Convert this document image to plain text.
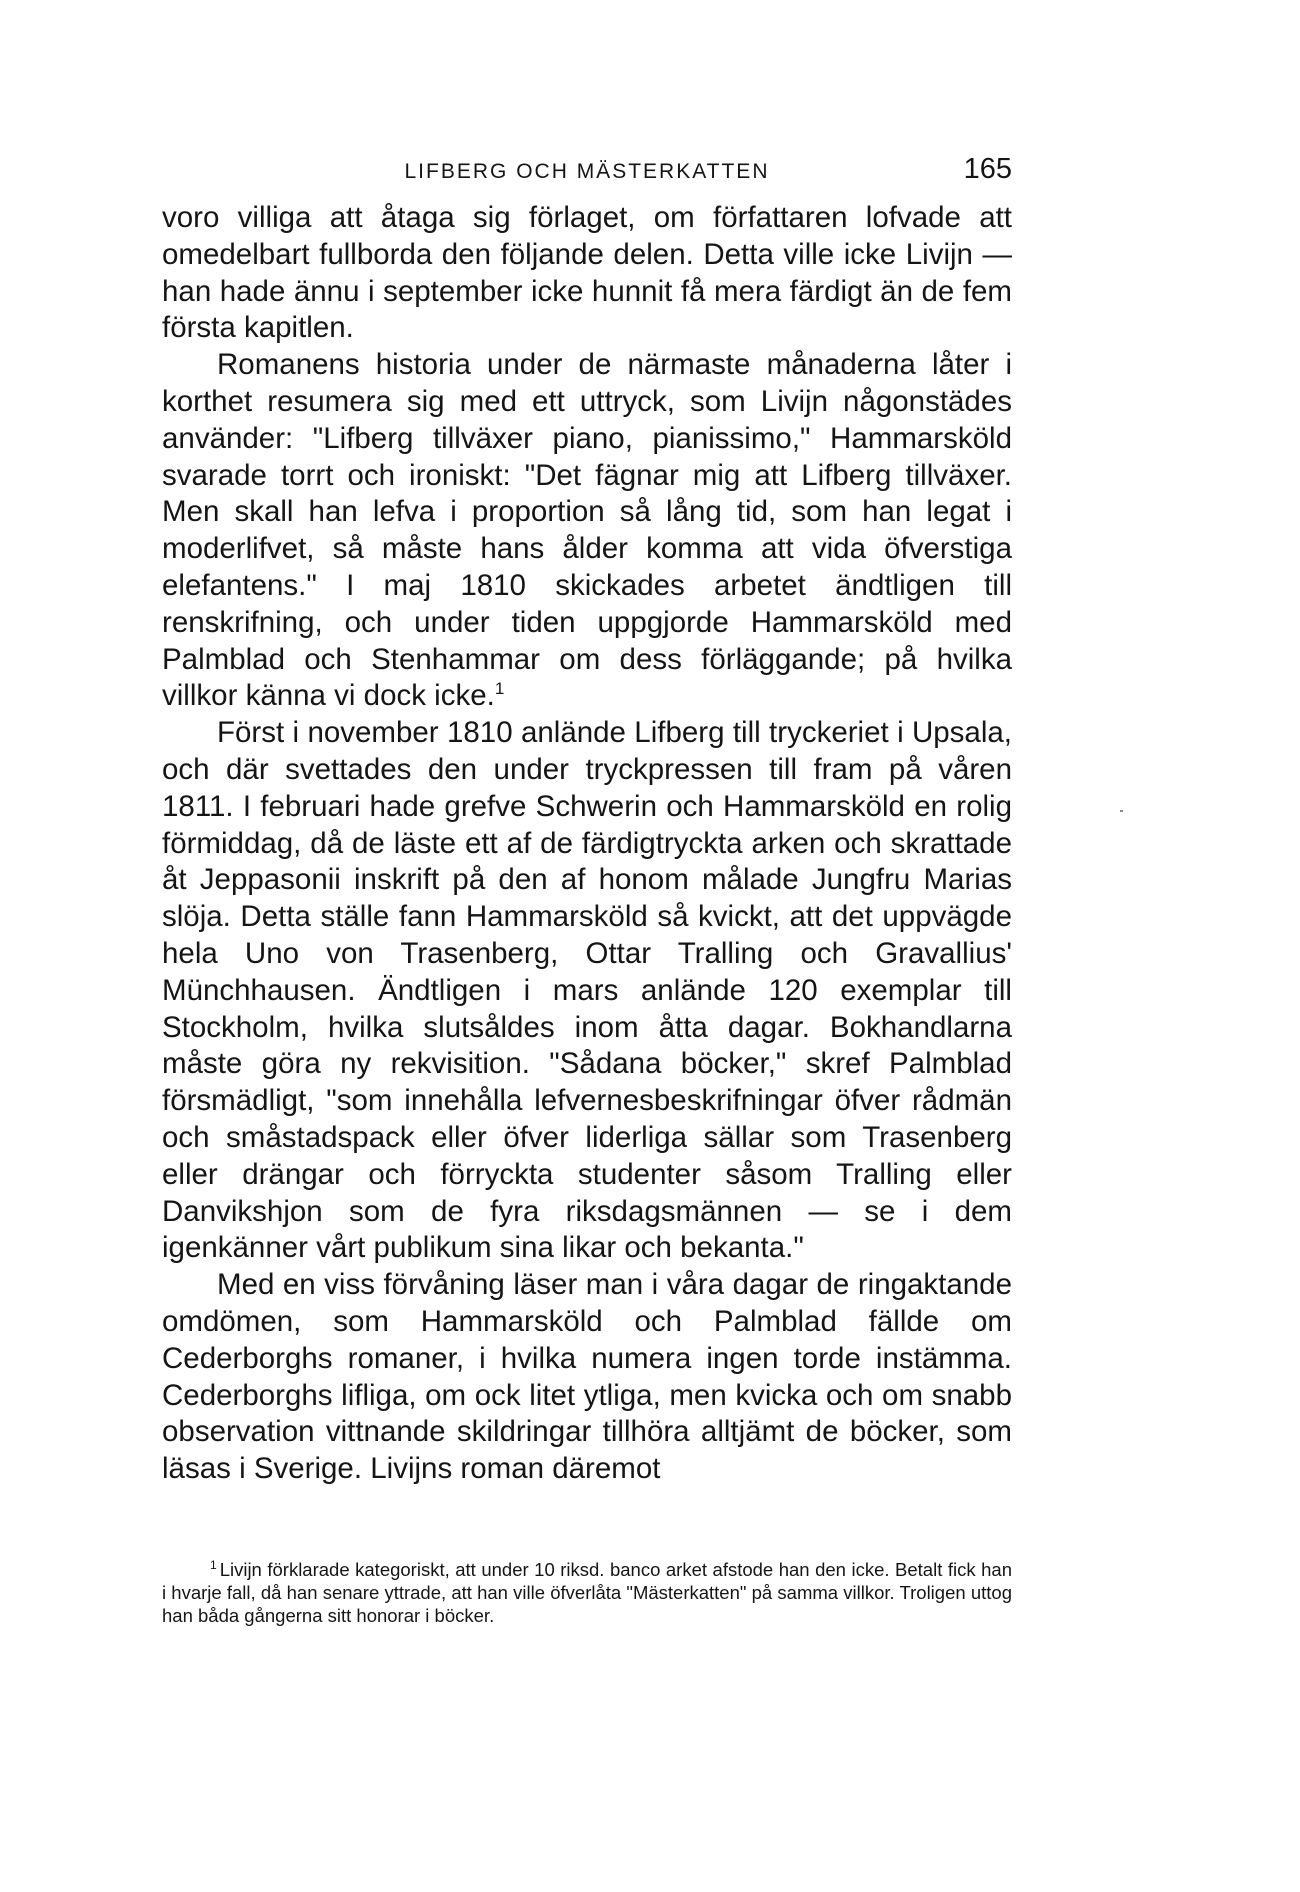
LIFBERG OCH MÄSTERKATTEN	165

voro villiga att åtaga sig förlaget, om författaren lofvade att omedelbart fullborda den följande delen. Detta ville icke Livijn — han hade ännu i september icke hunnit få mera färdigt än de fem första kapitlen.

Romanens historia under de närmaste månaderna låter i korthet resumera sig med ett uttryck, som Livijn någonstädes använder: "Lifberg tillväxer piano, pianissimo," Hammarsköld svarade torrt och ironiskt: "Det fägnar mig att Lifberg tillväxer. Men skall han lefva i proportion så lång tid, som han legat i moderlifvet, så måste hans ålder komma att vida öfverstiga elefantens." I maj 1810 skickades arbetet ändtligen till renskrifning, och under tiden uppgjorde Hammarsköld med Palmblad och Stenhammar om dess förläggande; på hvilka villkor känna vi dock icke.$^1$

Först i november 1810 anlände Lifberg till tryckeriet i Upsala, och där svettades den under tryckpressen till fram på våren 1811. I februari hade grefve Schwerin och Hammarsköld en rolig förmiddag, då de läste ett af de färdigtryckta arken och skrattade åt Jeppasonii inskrift på den af honom målade Jungfru Marias slöja. Detta ställe fann Hammarsköld så kvickt, att det uppvägde hela Uno von Trasenberg, Ottar Tralling och Gravallius' Münchhausen. Ändtligen i mars anlände 120 exemplar till Stockholm, hvilka slutsåldes inom åtta dagar. Bokhandlarna måste göra ny rekvisition. "Sådana böcker," skref Palmblad försmädligt, "som innehålla lefvernesbeskrifningar öfver rådmän och småstadspack eller öfver liderliga sällar som Trasenberg eller drängar och förryckta studenter såsom Tralling eller Danvikshjon som de fyra riksdagsmännen — se i dem igenkänner vårt publikum sina likar och bekanta."

Med en viss förvåning läser man i våra dagar de ringaktande omdömen, som Hammarsköld och Palmblad fällde om Cederborghs romaner, i hvilka numera ingen torde instämma. Cederborghs lifliga, om ock litet ytliga, men kvicka och om snabb observation vittnande skildringar tillhöra alltjämt de böcker, som läsas i Sverige. Livijns roman däremot

$^1$ Livijn förklarade kategoriskt, att under 10 riksd. banco arket afstode han den icke. Betalt fick han i hvarje fall, då han senare yttrade, att han ville öfverlåta "Mästerkatten" på samma villkor. Troligen uttog han båda gångerna sitt honorar i böcker.
